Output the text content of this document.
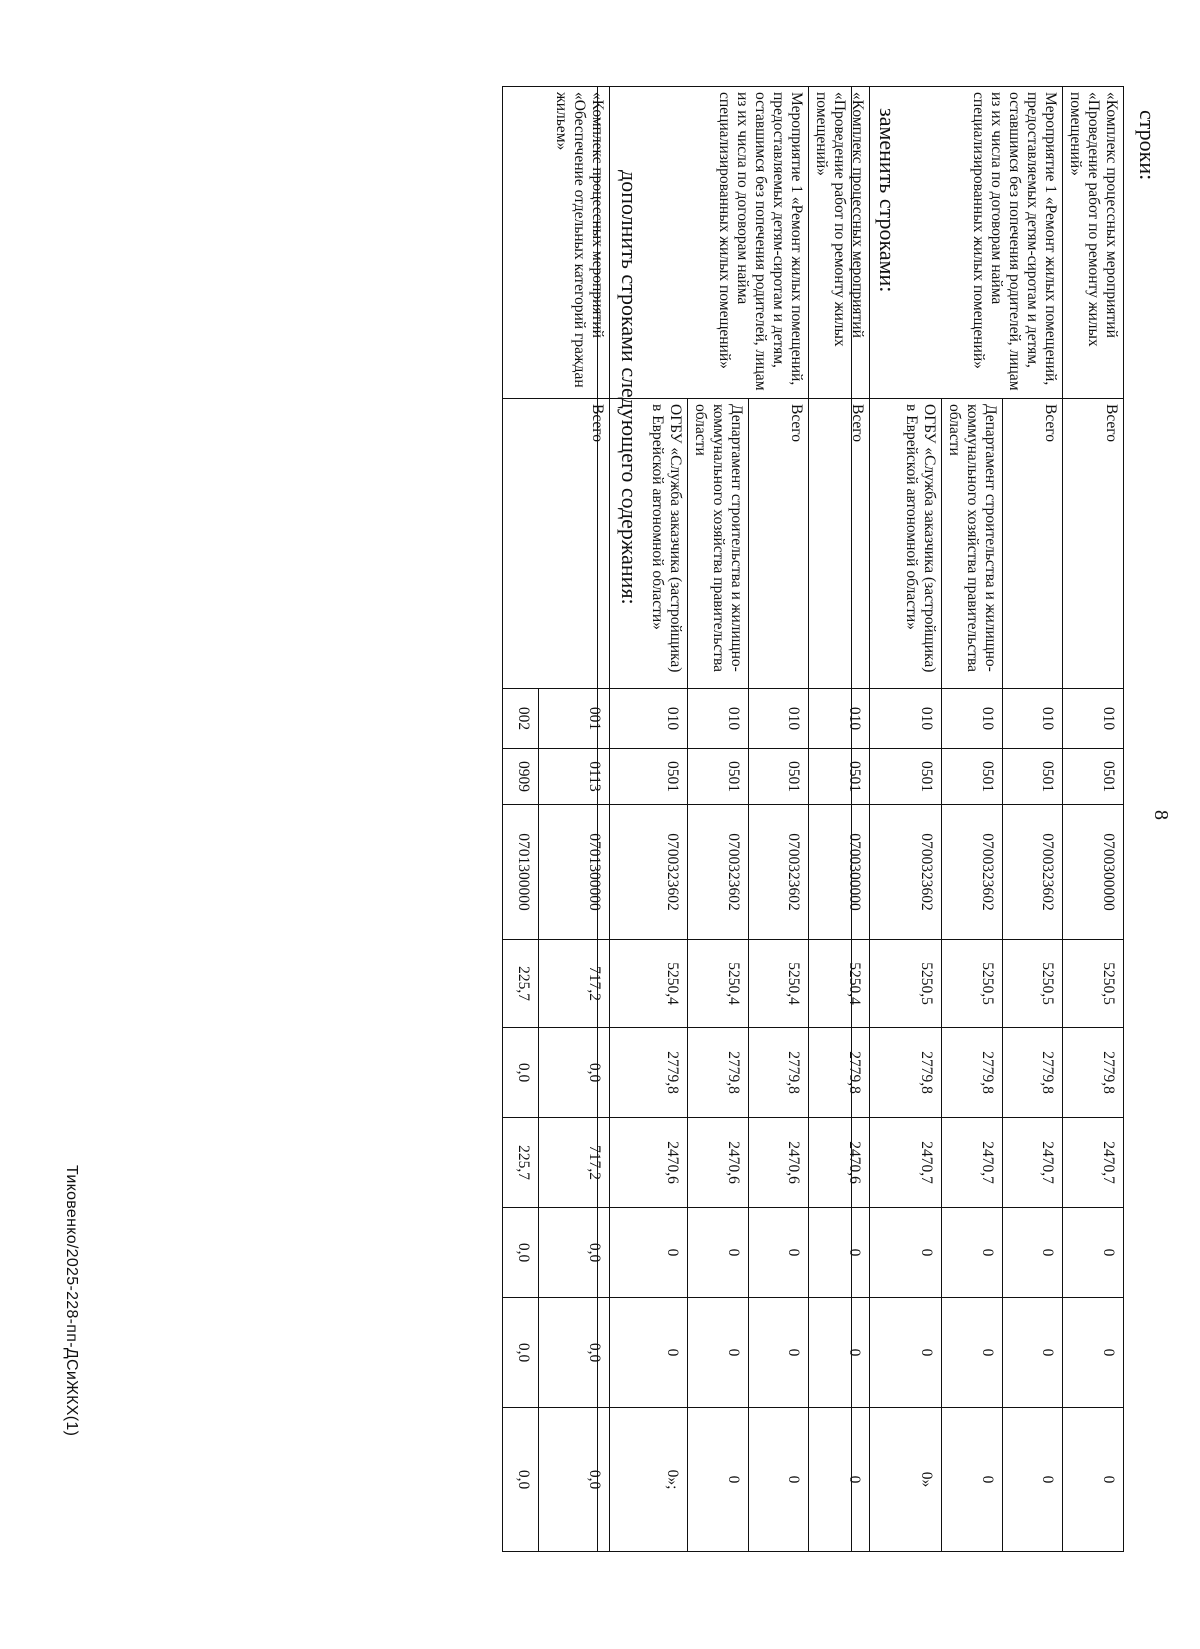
8
строки:
«Комплекс процессных мероприятий «Проведение работ по ремонту жилых помещений»	Всего	010	0501	0700300000	5250,5	2779,8	2470,7	0	0	0
Мероприятие 1 «Ремонт жилых помещений, предоставляемых детям-сиротам и детям, оставшимся без попечения родителей, лицам из их числа по договорам найма специализированных жилых помещений»	Всего	010	0501	0700323602	5250,5	2779,8	2470,7	0	0	0
	Департамент строительства и жилищно-коммунального хозяйства правительства области	010	0501	0700323602	5250,5	2779,8	2470,7	0	0	0
	ОГБУ «Служба заказчика (застройщика) в Еврейской автономной области»	010	0501	0700323602	5250,5	2779,8	2470,7	0	0	0»
заменить строками:
«Комплекс процессных мероприятий «Проведение работ по ремонту жилых помещений»	Всего	010	0501	0700300000	5250,4	2779,8	2470,6	0	0	0
Мероприятие 1 «Ремонт жилых помещений, предоставляемых детям-сиротам и детям, оставшимся без попечения родителей, лицам из их числа по договорам найма специализированных жилых помещений»	Всего	010	0501	0700323602	5250,4	2779,8	2470,6	0	0	0
	Департамент строительства и жилищно-коммунального хозяйства правительства области	010	0501	0700323602	5250,4	2779,8	2470,6	0	0	0
	ОГБУ «Служба заказчика (застройщика) в Еврейской автономной области»	010	0501	0700323602	5250,4	2779,8	2470,6	0	0	0»;
дополнить строками следующего содержания:
«Комплекс процессных мероприятий «Обеспечение отдельных категорий граждан жильем»	Всего	001	0113	0701300000	717,2	0,0	717,2	0,0	0,0	0,0
		002	0909	0701300000	225,7	0,0	225,7	0,0	0,0	0,0
Тиковенко/2025-228-пп-ДСиЖКХ(1)
